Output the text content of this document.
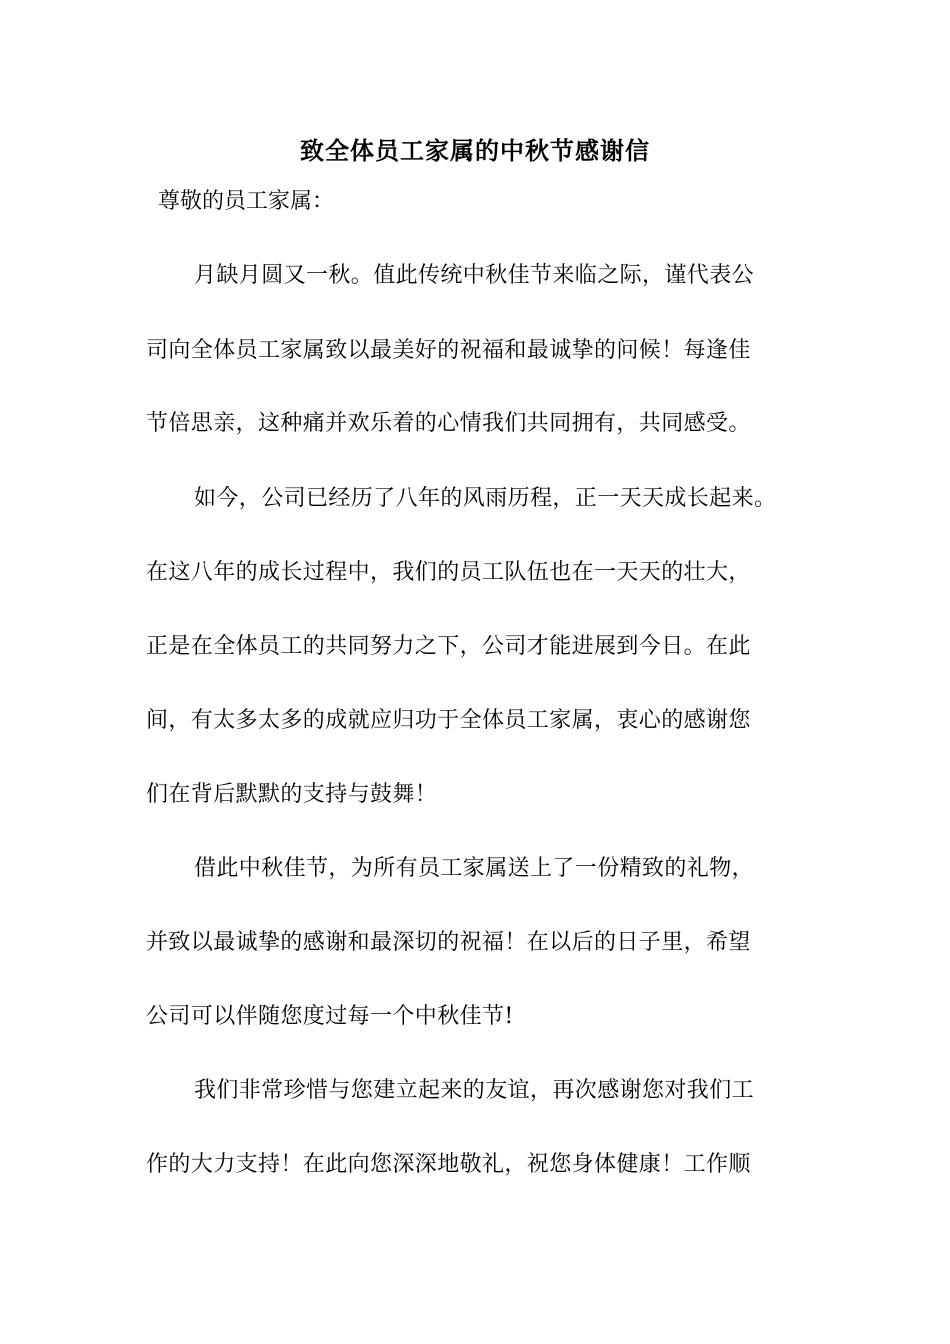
致全体员工家属的中秋节感谢信
尊敬的员工家属：
月缺月圆又一秋。值此传统中秋佳节来临之际，谨代表公
司向全体员工家属致以最美好的祝福和最诚挚的问候！每逢佳
节倍思亲，这种痛并欢乐着的心情我们共同拥有，共同感受。
如今，公司已经历了八年的风雨历程，正一天天成长起来。
在这八年的成长过程中，我们的员工队伍也在一天天的壮大，
正是在全体员工的共同努力之下，公司才能进展到今日。在此
间，有太多太多的成就应归功于全体员工家属，衷心的感谢您
们在背后默默的支持与鼓舞！
借此中秋佳节，为所有员工家属送上了一份精致的礼物，
并致以最诚挚的感谢和最深切的祝福！在以后的日子里，希望
公司可以伴随您度过每一个中秋佳节!
我们非常珍惜与您建立起来的友谊，再次感谢您对我们工
作的大力支持！在此向您深深地敬礼，祝您身体健康！工作顺
